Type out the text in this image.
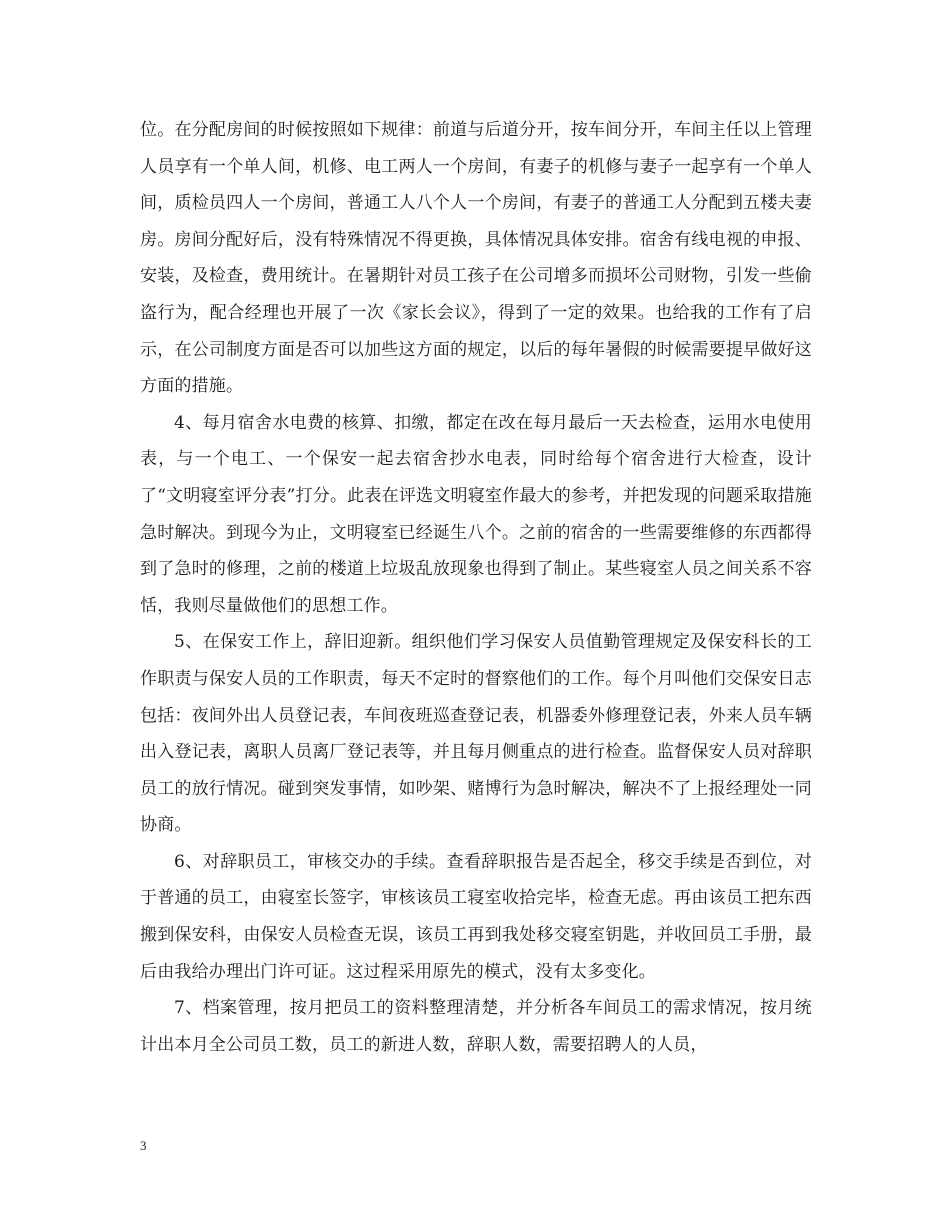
位。在分配房间的时候按照如下规律：前道与后道分开，按车间分开，车间主任以上管理人员享有一个单人间，机修、电工两人一个房间，有妻子的机修与妻子一起享有一个单人间，质检员四人一个房间，普通工人八个人一个房间，有妻子的普通工人分配到五楼夫妻房。房间分配好后，没有特殊情况不得更换，具体情况具体安排。宿舍有线电视的申报、安装，及检查，费用统计。在暑期针对员工孩子在公司增多而损坏公司财物，引发一些偷盗行为，配合经理也开展了一次《家长会议》，得到了一定的效果。也给我的工作有了启示，在公司制度方面是否可以加些这方面的规定，以后的每年暑假的时候需要提早做好这方面的措施。

4、每月宿舍水电费的核算、扣缴，都定在改在每月最后一天去检查，运用水电使用表，与一个电工、一个保安一起去宿舍抄水电表，同时给每个宿舍进行大检查，设计了“文明寝室评分表”打分。此表在评选文明寝室作最大的参考，并把发现的问题采取措施急时解决。到现今为止，文明寝室已经诞生八个。之前的宿舍的一些需要维修的东西都得到了急时的修理，之前的楼道上垃圾乱放现象也得到了制止。某些寝室人员之间关系不容恬，我则尽量做他们的思想工作。

5、在保安工作上，辞旧迎新。组织他们学习保安人员值勤管理规定及保安科长的工作职责与保安人员的工作职责，每天不定时的督察他们的工作。每个月叫他们交保安日志包括：夜间外出人员登记表，车间夜班巡查登记表，机器委外修理登记表，外来人员车辆出入登记表，离职人员离厂登记表等，并且每月侧重点的进行检查。监督保安人员对辞职员工的放行情况。碰到突发事情，如吵架、赌博行为急时解决，解决不了上报经理处一同协商。

6、对辞职员工，审核交办的手续。查看辞职报告是否起全，移交手续是否到位，对于普通的员工，由寝室长签字，审核该员工寝室收拾完毕，检查无虑。再由该员工把东西搬到保安科，由保安人员检查无误，该员工再到我处移交寝室钥匙，并收回员工手册，最后由我给办理出门许可证。这过程采用原先的模式，没有太多变化。

7、档案管理，按月把员工的资料整理清楚，并分析各车间员工的需求情况，按月统计出本月全公司员工数，员工的新进人数，辞职人数，需要招聘人的人员，

3
